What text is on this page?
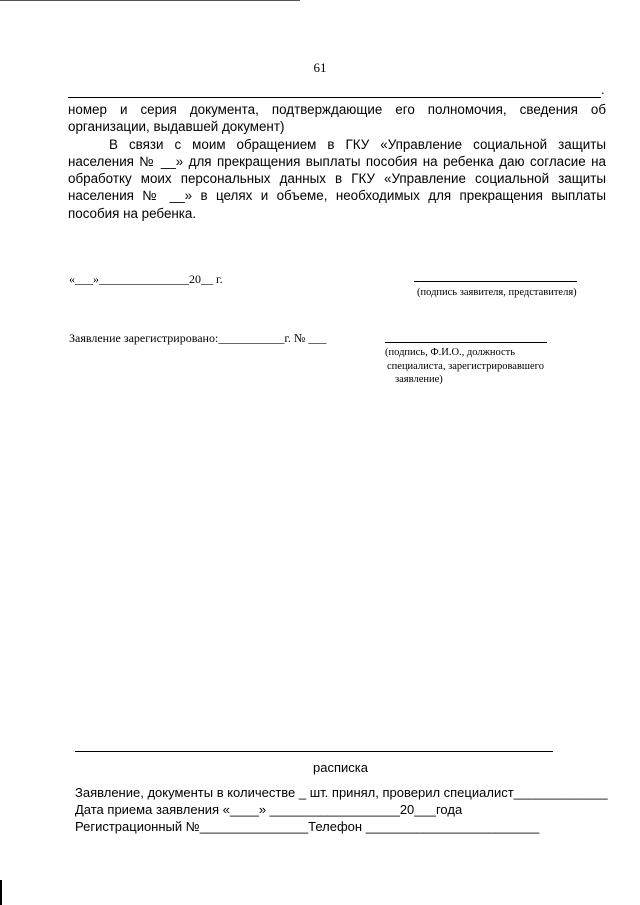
61
.

номер и серия документа, подтверждающие его полномочия, сведения об организации, выдавшей документ)

В связи с моим обращением в ГКУ «Управление социальной защиты населения № __» для прекращения выплаты пособия на ребенка даю согласие на обработку моих персональных данных в ГКУ «Управление социальной защиты населения № __» в целях и объеме, необходимых для прекращения выплаты пособия на ребенка.

«___»_______________20__ г.
(подпись заявителя, представителя)
Заявление зарегистрировано:___________г. № ___
(подпись, Ф.И.О., должность
специалиста, зарегистрировавшего
заявление)
расписка
Заявление, документы в количестве _ шт. принял, проверил специалист_____________
Дата приема заявления «____» __________________20___года
Регистрационный №_______________Телефон ________________________
